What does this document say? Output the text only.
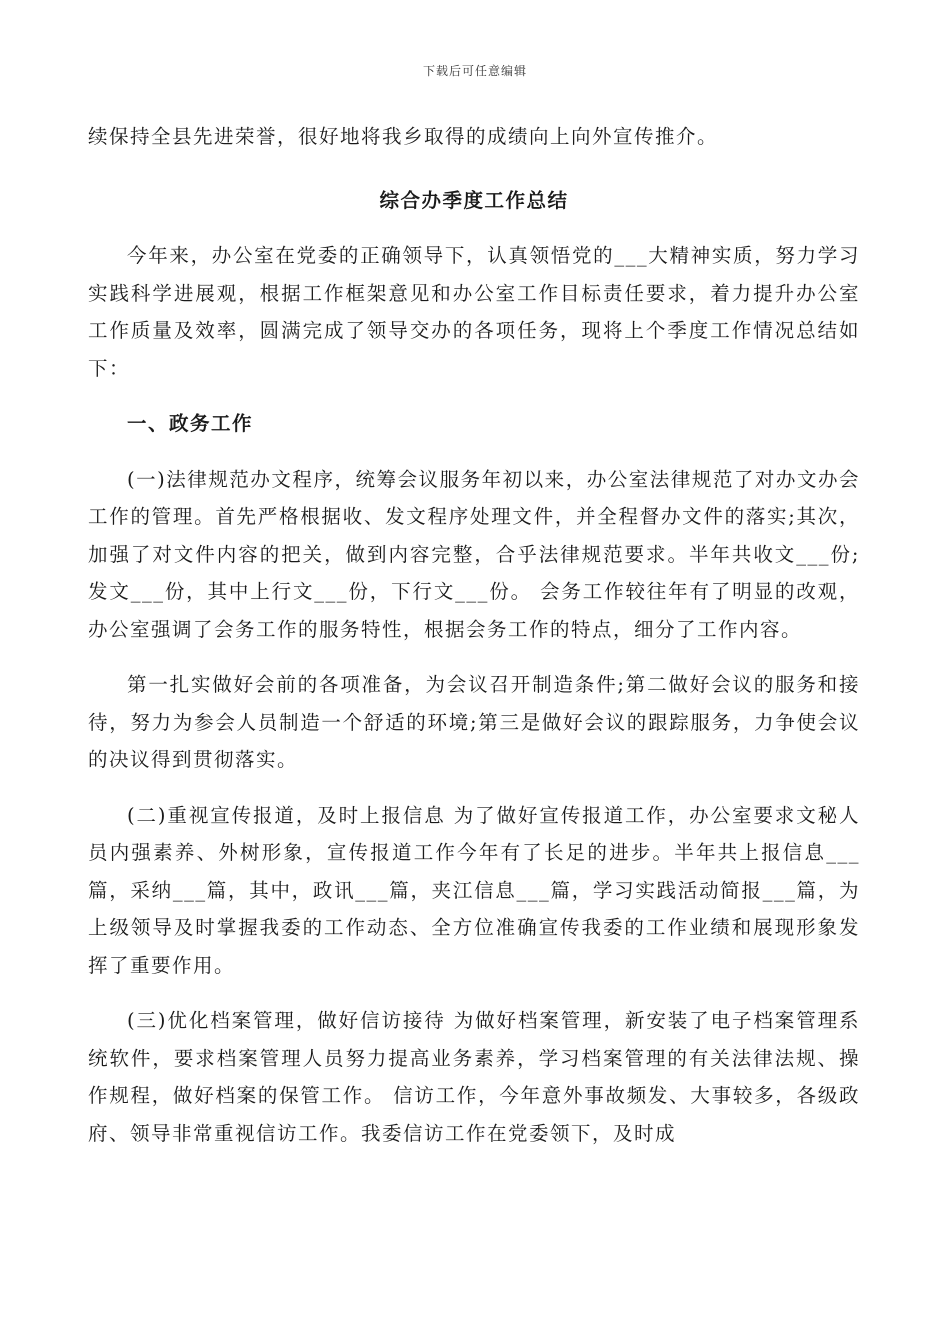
下载后可任意编辑

续保持全县先进荣誉，很好地将我乡取得的成绩向上向外宣传推介。

综合办季度工作总结

今年来，办公室在党委的正确领导下，认真领悟党的___大精神实质，努力学习实践科学进展观，根据工作框架意见和办公室工作目标责任要求，着力提升办公室工作质量及效率，圆满完成了领导交办的各项任务，现将上个季度工作情况总结如下：

一、政务工作

(一)法律规范办文程序，统筹会议服务年初以来，办公室法律规范了对办文办会工作的管理。首先严格根据收、发文程序处理文件，并全程督办文件的落实;其次，加强了对文件内容的把关，做到内容完整，合乎法律规范要求。半年共收文___份;发文___份，其中上行文___份，下行文___份。 会务工作较往年有了明显的改观，办公室强调了会务工作的服务特性，根据会务工作的特点，细分了工作内容。

第一扎实做好会前的各项准备，为会议召开制造条件;第二做好会议的服务和接待，努力为参会人员制造一个舒适的环境;第三是做好会议的跟踪服务，力争使会议的决议得到贯彻落实。

(二)重视宣传报道，及时上报信息 为了做好宣传报道工作，办公室要求文秘人员内强素养、外树形象，宣传报道工作今年有了长足的进步。半年共上报信息___篇，采纳___篇，其中，政讯___篇，夹江信息___篇，学习实践活动简报___篇，为上级领导及时掌握我委的工作动态、全方位准确宣传我委的工作业绩和展现形象发挥了重要作用。

(三)优化档案管理，做好信访接待 为做好档案管理，新安装了电子档案管理系统软件，要求档案管理人员努力提高业务素养，学习档案管理的有关法律法规、操作规程，做好档案的保管工作。 信访工作，今年意外事故频发、大事较多，各级政府、领导非常重视信访工作。我委信访工作在党委领下，及时成
